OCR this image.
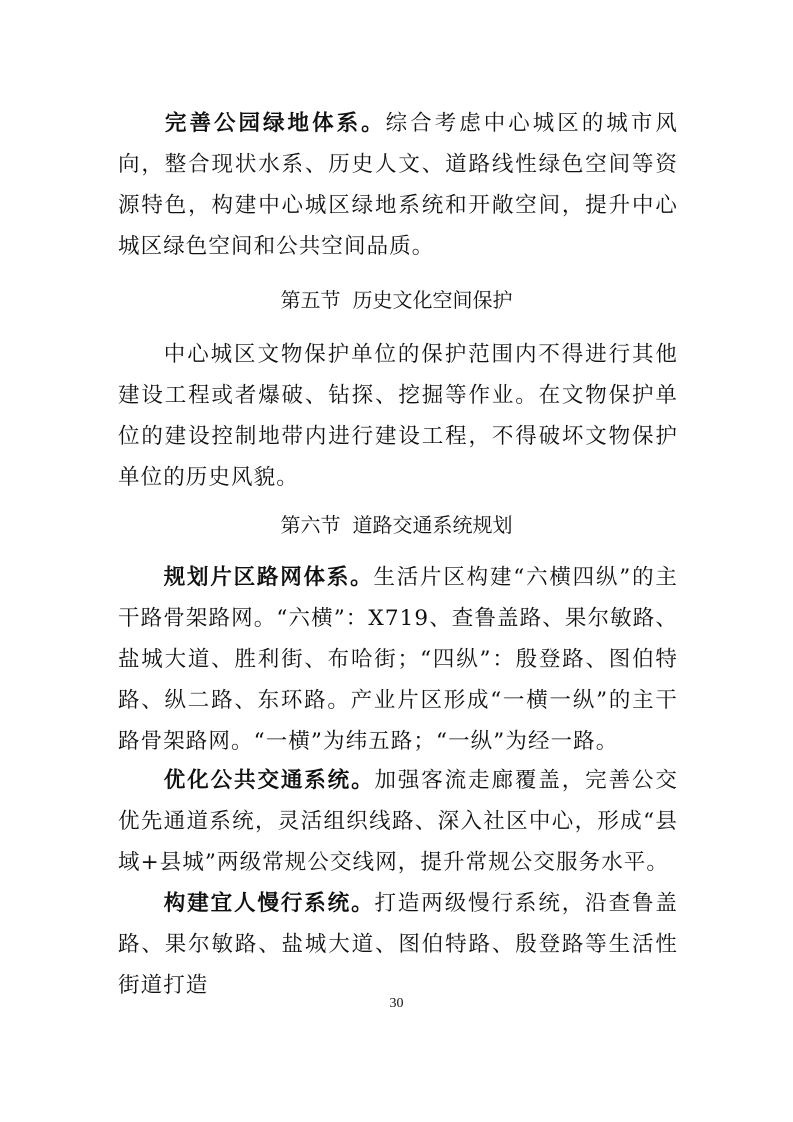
完善公园绿地体系。综合考虑中心城区的城市风向，整合现状水系、历史人文、道路线性绿色空间等资源特色，构建中心城区绿地系统和开敞空间，提升中心城区绿色空间和公共空间品质。

第五节 历史文化空间保护

中心城区文物保护单位的保护范围内不得进行其他建设工程或者爆破、钻探、挖掘等作业。在文物保护单位的建设控制地带内进行建设工程，不得破坏文物保护单位的历史风貌。

第六节 道路交通系统规划

规划片区路网体系。生活片区构建“六横四纵”的主干路骨架路网。“六横”：X719、查鲁盖路、果尔敏路、盐城大道、胜利街、布哈街；“四纵”：殷登路、图伯特路、纵二路、东环路。产业片区形成“一横一纵”的主干路骨架路网。“一横”为纬五路；“一纵”为经一路。

优化公共交通系统。加强客流走廊覆盖，完善公交优先通道系统，灵活组织线路、深入社区中心，形成“县域+县城”两级常规公交线网，提升常规公交服务水平。

构建宜人慢行系统。打造两级慢行系统，沿查鲁盖路、果尔敏路、盐城大道、图伯特路、殷登路等生活性街道打造

30
